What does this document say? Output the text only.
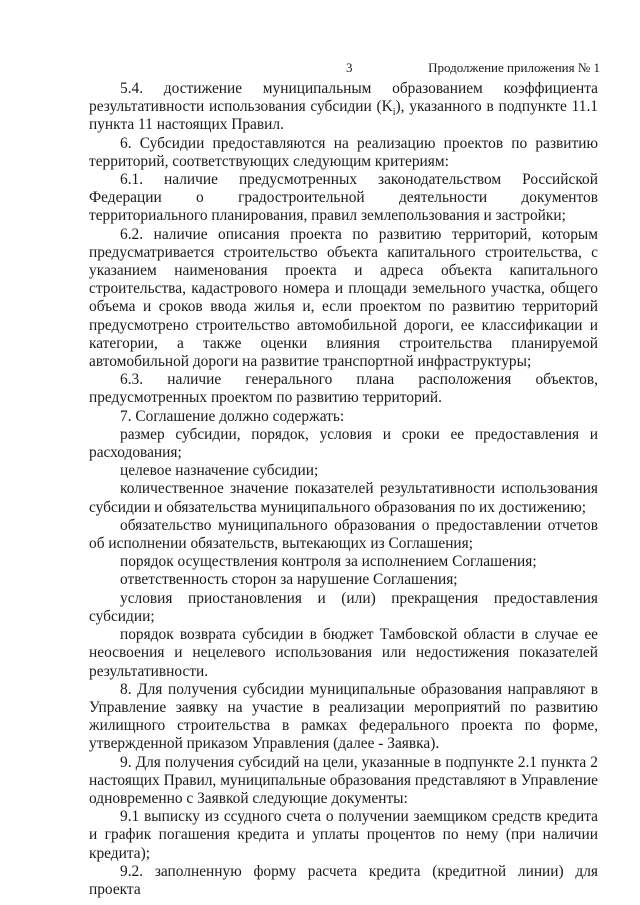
3	Продолжение приложения № 1

5.4. достижение муниципальным образованием коэффициента результативности использования субсидии $(K_i)$, указанного в подпункте 11.1 пункта 11 настоящих Правил.

6. Субсидии предоставляются на реализацию проектов по развитию территорий, соответствующих следующим критериям:

6.1. наличие предусмотренных законодательством Российской Федерации о градостроительной деятельности документов территориального планирования, правил землепользования и застройки;

6.2. наличие описания проекта по развитию территорий, которым предусматривается строительство объекта капитального строительства, с указанием наименования проекта и адреса объекта капитального строительства, кадастрового номера и площади земельного участка, общего объема и сроков ввода жилья и, если проектом по развитию территорий предусмотрено строительство автомобильной дороги, ее классификации и категории, а также оценки влияния строительства планируемой автомобильной дороги на развитие транспортной инфраструктуры;

6.3. наличие генерального плана расположения объектов, предусмотренных проектом по развитию территорий.

7. Соглашение должно содержать:

размер субсидии, порядок, условия и сроки ее предоставления и расходования;

целевое назначение субсидии;

количественное значение показателей результативности использования субсидии и обязательства муниципального образования по их достижению;

обязательство муниципального образования о предоставлении отчетов об исполнении обязательств, вытекающих из Соглашения;

порядок осуществления контроля за исполнением Соглашения;

ответственность сторон за нарушение Соглашения;

условия приостановления и (или) прекращения предоставления субсидии;

порядок возврата субсидии в бюджет Тамбовской области в случае ее неосвоения и нецелевого использования или недостижения показателей результативности.

8. Для получения субсидии муниципальные образования направляют в Управление заявку на участие в реализации мероприятий по развитию жилищного строительства в рамках федерального проекта по форме, утвержденной приказом Управления (далее - Заявка).

9. Для получения субсидий на цели, указанные в подпункте 2.1 пункта 2 настоящих Правил, муниципальные образования представляют в Управление одновременно с Заявкой следующие документы:

9.1 выписку из ссудного счета о получении заемщиком средств кредита и график погашения кредита и уплаты процентов по нему (при наличии кредита);

9.2. заполненную форму расчета кредита (кредитной линии) для проекта
